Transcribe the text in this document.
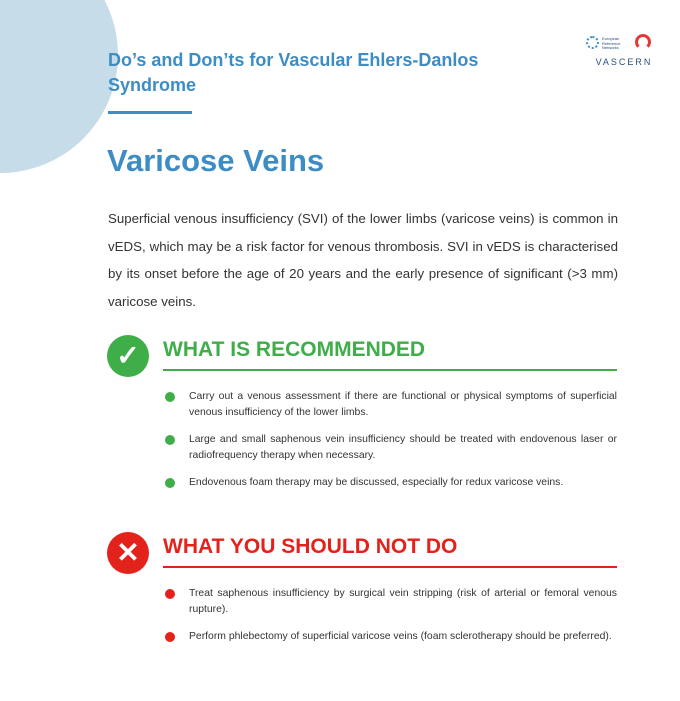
Do’s and Don’ts for Vascular Ehlers-Danlos Syndrome
European Reference Networks
VASCERN
Varicose Veins
Superficial venous insufficiency (SVI) of the lower limbs (varicose veins) is common in vEDS, which may be a risk factor for venous thrombosis. SVI in vEDS is characterised by its onset before the age of 20 years and the early presence of significant (>3 mm) varicose veins.
✓	WHAT IS RECOMMENDED
Carry out a venous assessment if there are functional or physical symptoms of superficial venous insufficiency of the lower limbs.
Large and small saphenous vein insufficiency should be treated with endovenous laser or radiofrequency therapy when necessary.
Endovenous foam therapy may be discussed, especially for redux varicose veins.
✕	WHAT YOU SHOULD NOT DO
Treat saphenous insufficiency by surgical vein stripping (risk of arterial or femoral venous rupture).
Perform phlebectomy of superficial varicose veins (foam sclerotherapy should be preferred).
